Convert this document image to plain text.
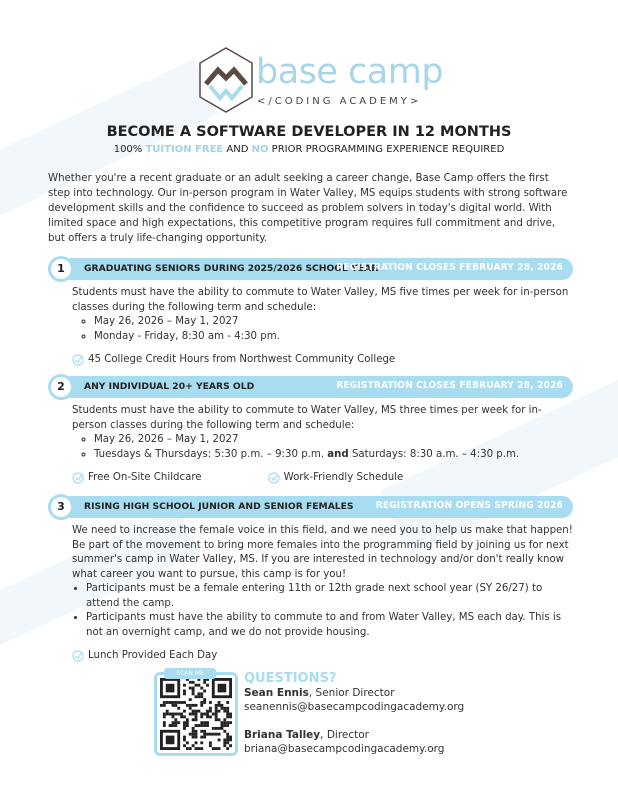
base camp
</CODING ACADEMY>
BECOME A SOFTWARE DEVELOPER IN 12 MONTHS
100% TUITION FREE AND NO PRIOR PROGRAMMING EXPERIENCE REQUIRED
Whether you're a recent graduate or an adult seeking a career change, Base Camp offers the first step into technology. Our in-person program in Water Valley, MS equips students with strong software development skills and the confidence to succeed as problem solvers in today's digital world. With limited space and high expectations, this competitive program requires full commitment and drive, but offers a truly life-changing opportunity.
1	GRADUATING SENIORS DURING 2025/2026 SCHOOL YEAR
REGISTRATION CLOSES FEBRUARY 28, 2026
Students must have the ability to commute to Water Valley, MS five times per week for in-person classes during the following term and schedule:
◦ May 26, 2026 – May 1, 2027
◦ Monday - Friday, 8:30 am - 4:30 pm.
45 College Credit Hours from Northwest Community College
2	ANY INDIVIDUAL 20+ YEARS OLD	REGISTRATION CLOSES FEBRUARY 28, 2026
Students must have the ability to commute to Water Valley, MS three times per week for in-person classes during the following term and schedule:
◦ May 26, 2026 – May 1, 2027
◦ Tuesdays & Thursdays: 5:30 p.m. – 9:30 p.m. and Saturdays: 8:30 a.m. – 4:30 p.m.
Free On-Site Childcare	Work-Friendly Schedule
3	RISING HIGH SCHOOL JUNIOR AND SENIOR FEMALES REGISTRATION OPENS SPRING 2026
We need to increase the female voice in this field, and we need you to help us make that happen! Be part of the movement to bring more females into the programming field by joining us for next summer's camp in Water Valley, MS. If you are interested in technology and/or don't really know what career you want to pursue, this camp is for you!
• Participants must be a female entering 11th or 12th grade next school year (SY 26/27) to attend the camp.
• Participants must have the ability to commute to and from Water Valley, MS each day. This is not an overnight camp, and we do not provide housing.
Lunch Provided Each Day
SCAN ME	QUESTIONS?
Sean Ennis, Senior Director
seanennis@basecampcodingacademy.org
Briana Talley, Director
briana@basecampcodingacademy.org
